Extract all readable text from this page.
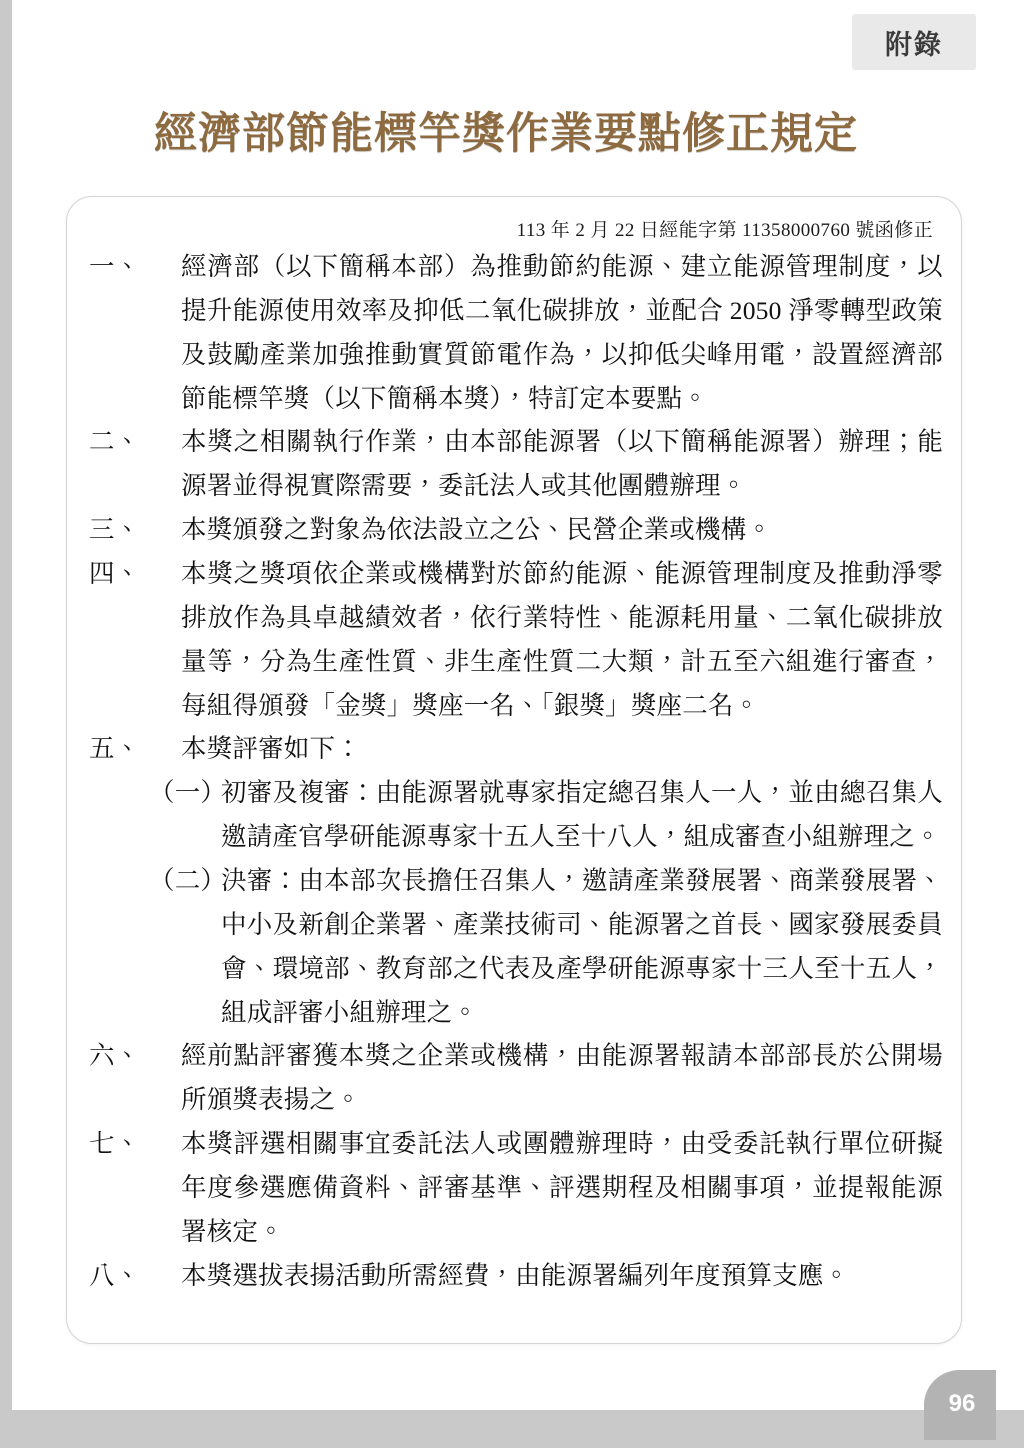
附錄
經濟部節能標竿獎作業要點修正規定
113 年 2 月 22 日經能字第 11358000760 號函修正
一、	經濟部（以下簡稱本部）為推動節約能源、建立能源管理制度，以提升能源使用效率及抑低二氧化碳排放，並配合 2050 淨零轉型政策及鼓勵產業加強推動實質節電作為，以抑低尖峰用電，設置經濟部節能標竿獎（以下簡稱本獎），特訂定本要點。
二、	本獎之相關執行作業，由本部能源署（以下簡稱能源署）辦理；能源署並得視實際需要，委託法人或其他團體辦理。
三、	本獎頒發之對象為依法設立之公、民營企業或機構。
四、	本獎之獎項依企業或機構對於節約能源、能源管理制度及推動淨零排放作為具卓越績效者，依行業特性、能源耗用量、二氧化碳排放量等，分為生產性質、非生產性質二大類，計五至六組進行審查，每組得頒發「金獎」獎座一名、「銀獎」獎座二名。
五、	本獎評審如下：
（一）
初審及複審：由能源署就專家指定總召集人一人，並由總召集人邀請產官學研能源專家十五人至十八人，組成審查小組辦理之。
（二）
決審：由本部次長擔任召集人，邀請產業發展署、商業發展署、中小及新創企業署、產業技術司、能源署之首長、國家發展委員會、環境部、教育部之代表及產學研能源專家十三人至十五人，組成評審小組辦理之。
六、	經前點評審獲本獎之企業或機構，由能源署報請本部部長於公開場所頒獎表揚之。
七、	本獎評選相關事宜委託法人或團體辦理時，由受委託執行單位研擬年度參選應備資料、評審基準、評選期程及相關事項，並提報能源署核定。
八、	本獎選拔表揚活動所需經費，由能源署編列年度預算支應。
96
